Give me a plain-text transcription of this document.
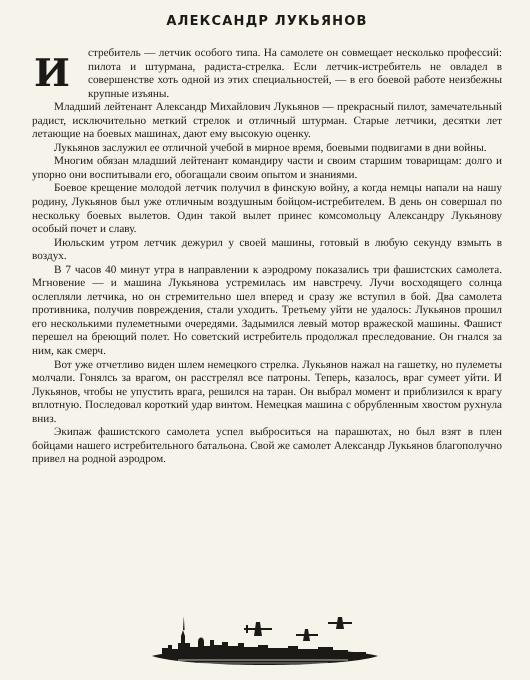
АЛЕКСАНДР ЛУКЬЯНОВ
И	стребитель — летчик особого типа. На самолете он совмещает несколько профессий: пилота и штурмана, радиста-стрелка. Если летчик-истребитель не овладел в совершенстве хоть одной из этих специальностей, — в его боевой работе неизбежны крупные изъяны.

Младший лейтенант Александр Михайлович Лукьянов — прекрасный пилот, замечательный радист, исключительно меткий стрелок и отличный штурман. Старые летчики, десятки лет летающие на боевых машинах, дают ему высокую оценку.

Лукьянов заслужил ее отличной учебой в мирное время, боевыми подвигами в дни войны.

Многим обязан младший лейтенант командиру части и своим старшим товарищам: долго и упорно они воспитывали его, обогащали своим опытом и знаниями.

Боевое крещение молодой летчик получил в финскую войну, а когда немцы напали на нашу родину, Лукьянов был уже отличным воздушным бойцом-истребителем. В день он совершал по нескольку боевых вылетов. Один такой вылет принес комсомольцу Александру Лукьянову особый почет и славу.

Июльским утром летчик дежурил у своей машины, готовый в любую секунду взмыть в воздух.

В 7 часов 40 минут утра в направлении к аэродрому показались три фашистских самолета. Мгновение — и машина Лукьянова устремилась им навстречу. Лучи восходящего солнца ослепляли летчика, но он стремительно шел вперед и сразу же вступил в бой. Два самолета противника, получив повреждения, стали уходить. Третьему уйти не удалось: Лукьянов прошил его несколькими пулеметными очередями. Задымился левый мотор вражеской машины. Фашист перешел на бреющий полет. Но советский истребитель продолжал преследование. Он гнался за ним, как смерч.

Вот уже отчетливо виден шлем немецкого стрелка. Лукьянов нажал на гашетку, но пулеметы молчали. Гонялсь за врагом, он расстрелял все патроны. Теперь, казалось, враг сумеет уйти. И Лукьянов, чтобы не упустить врага, решился на таран. Он выбрал момент и приблизился к врагу вплотную. Последовал короткий удар винтом. Немецкая машина с обрубленным хвостом рухнула вниз.

Экипаж фашистского самолета успел выброситься на парашютах, но был взят в плен бойцами нашего истребительного батальона. Свой же самолет Александр Лукьянов благополучно привел на родной аэродром.
